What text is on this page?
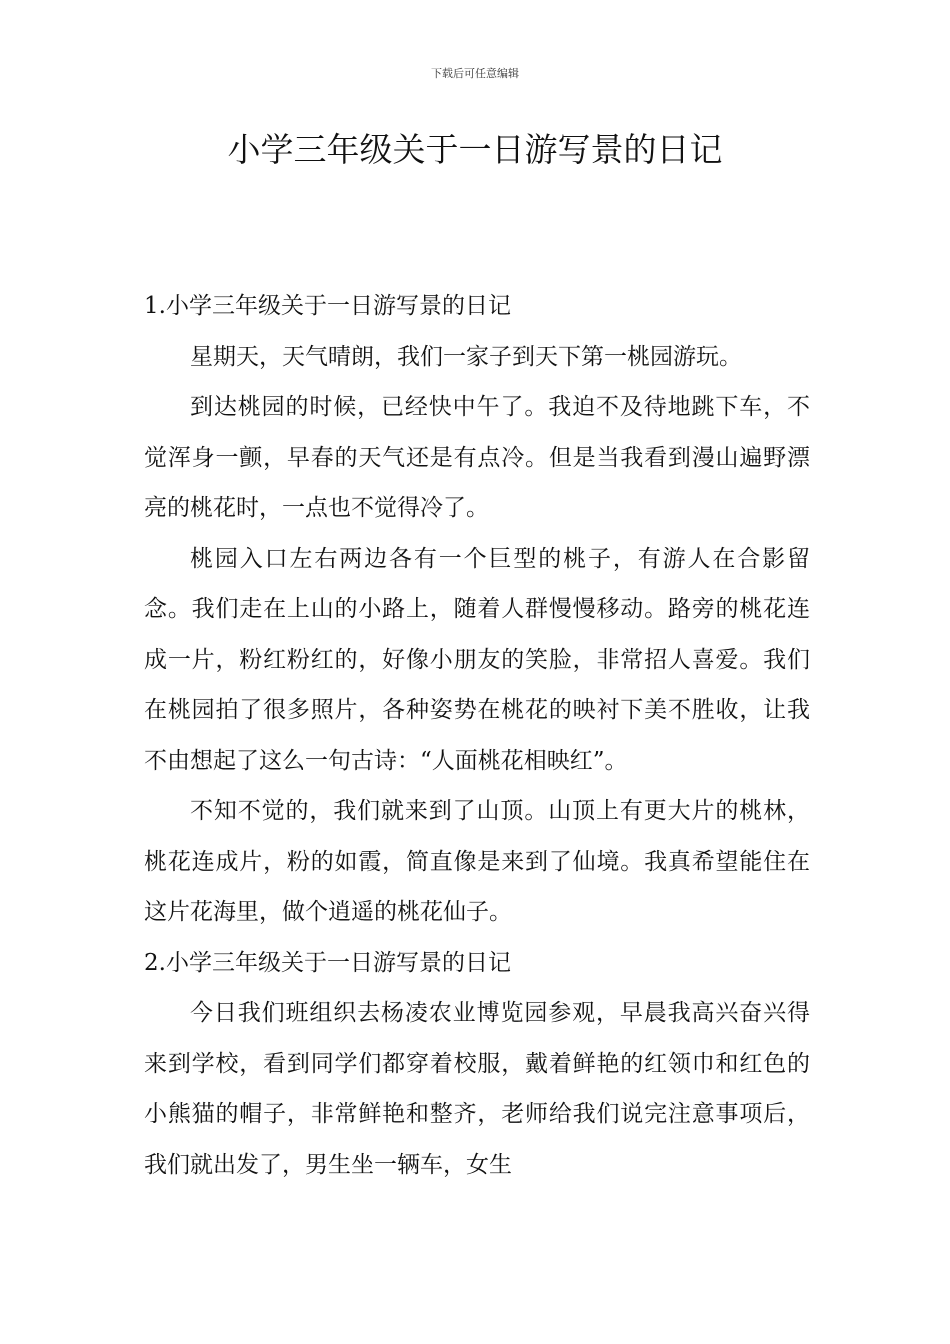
下载后可任意编辑
小学三年级关于一日游写景的日记

1.小学三年级关于一日游写景的日记

星期天，天气晴朗，我们一家子到天下第一桃园游玩。

到达桃园的时候，已经快中午了。我迫不及待地跳下车，不觉浑身一颤，早春的天气还是有点冷。但是当我看到漫山遍野漂亮的桃花时，一点也不觉得冷了。

桃园入口左右两边各有一个巨型的桃子，有游人在合影留念。我们走在上山的小路上，随着人群慢慢移动。路旁的桃花连成一片，粉红粉红的，好像小朋友的笑脸，非常招人喜爱。我们在桃园拍了很多照片，各种姿势在桃花的映衬下美不胜收，让我不由想起了这么一句古诗：“人面桃花相映红”。

不知不觉的，我们就来到了山顶。山顶上有更大片的桃林，桃花连成片，粉的如霞，简直像是来到了仙境。我真希望能住在这片花海里，做个逍遥的桃花仙子。

2.小学三年级关于一日游写景的日记

今日我们班组织去杨凌农业博览园参观，早晨我高兴奋兴得来到学校，看到同学们都穿着校服，戴着鲜艳的红领巾和红色的小熊猫的帽子，非常鲜艳和整齐，老师给我们说完注意事项后，我们就出发了，男生坐一辆车，女生
